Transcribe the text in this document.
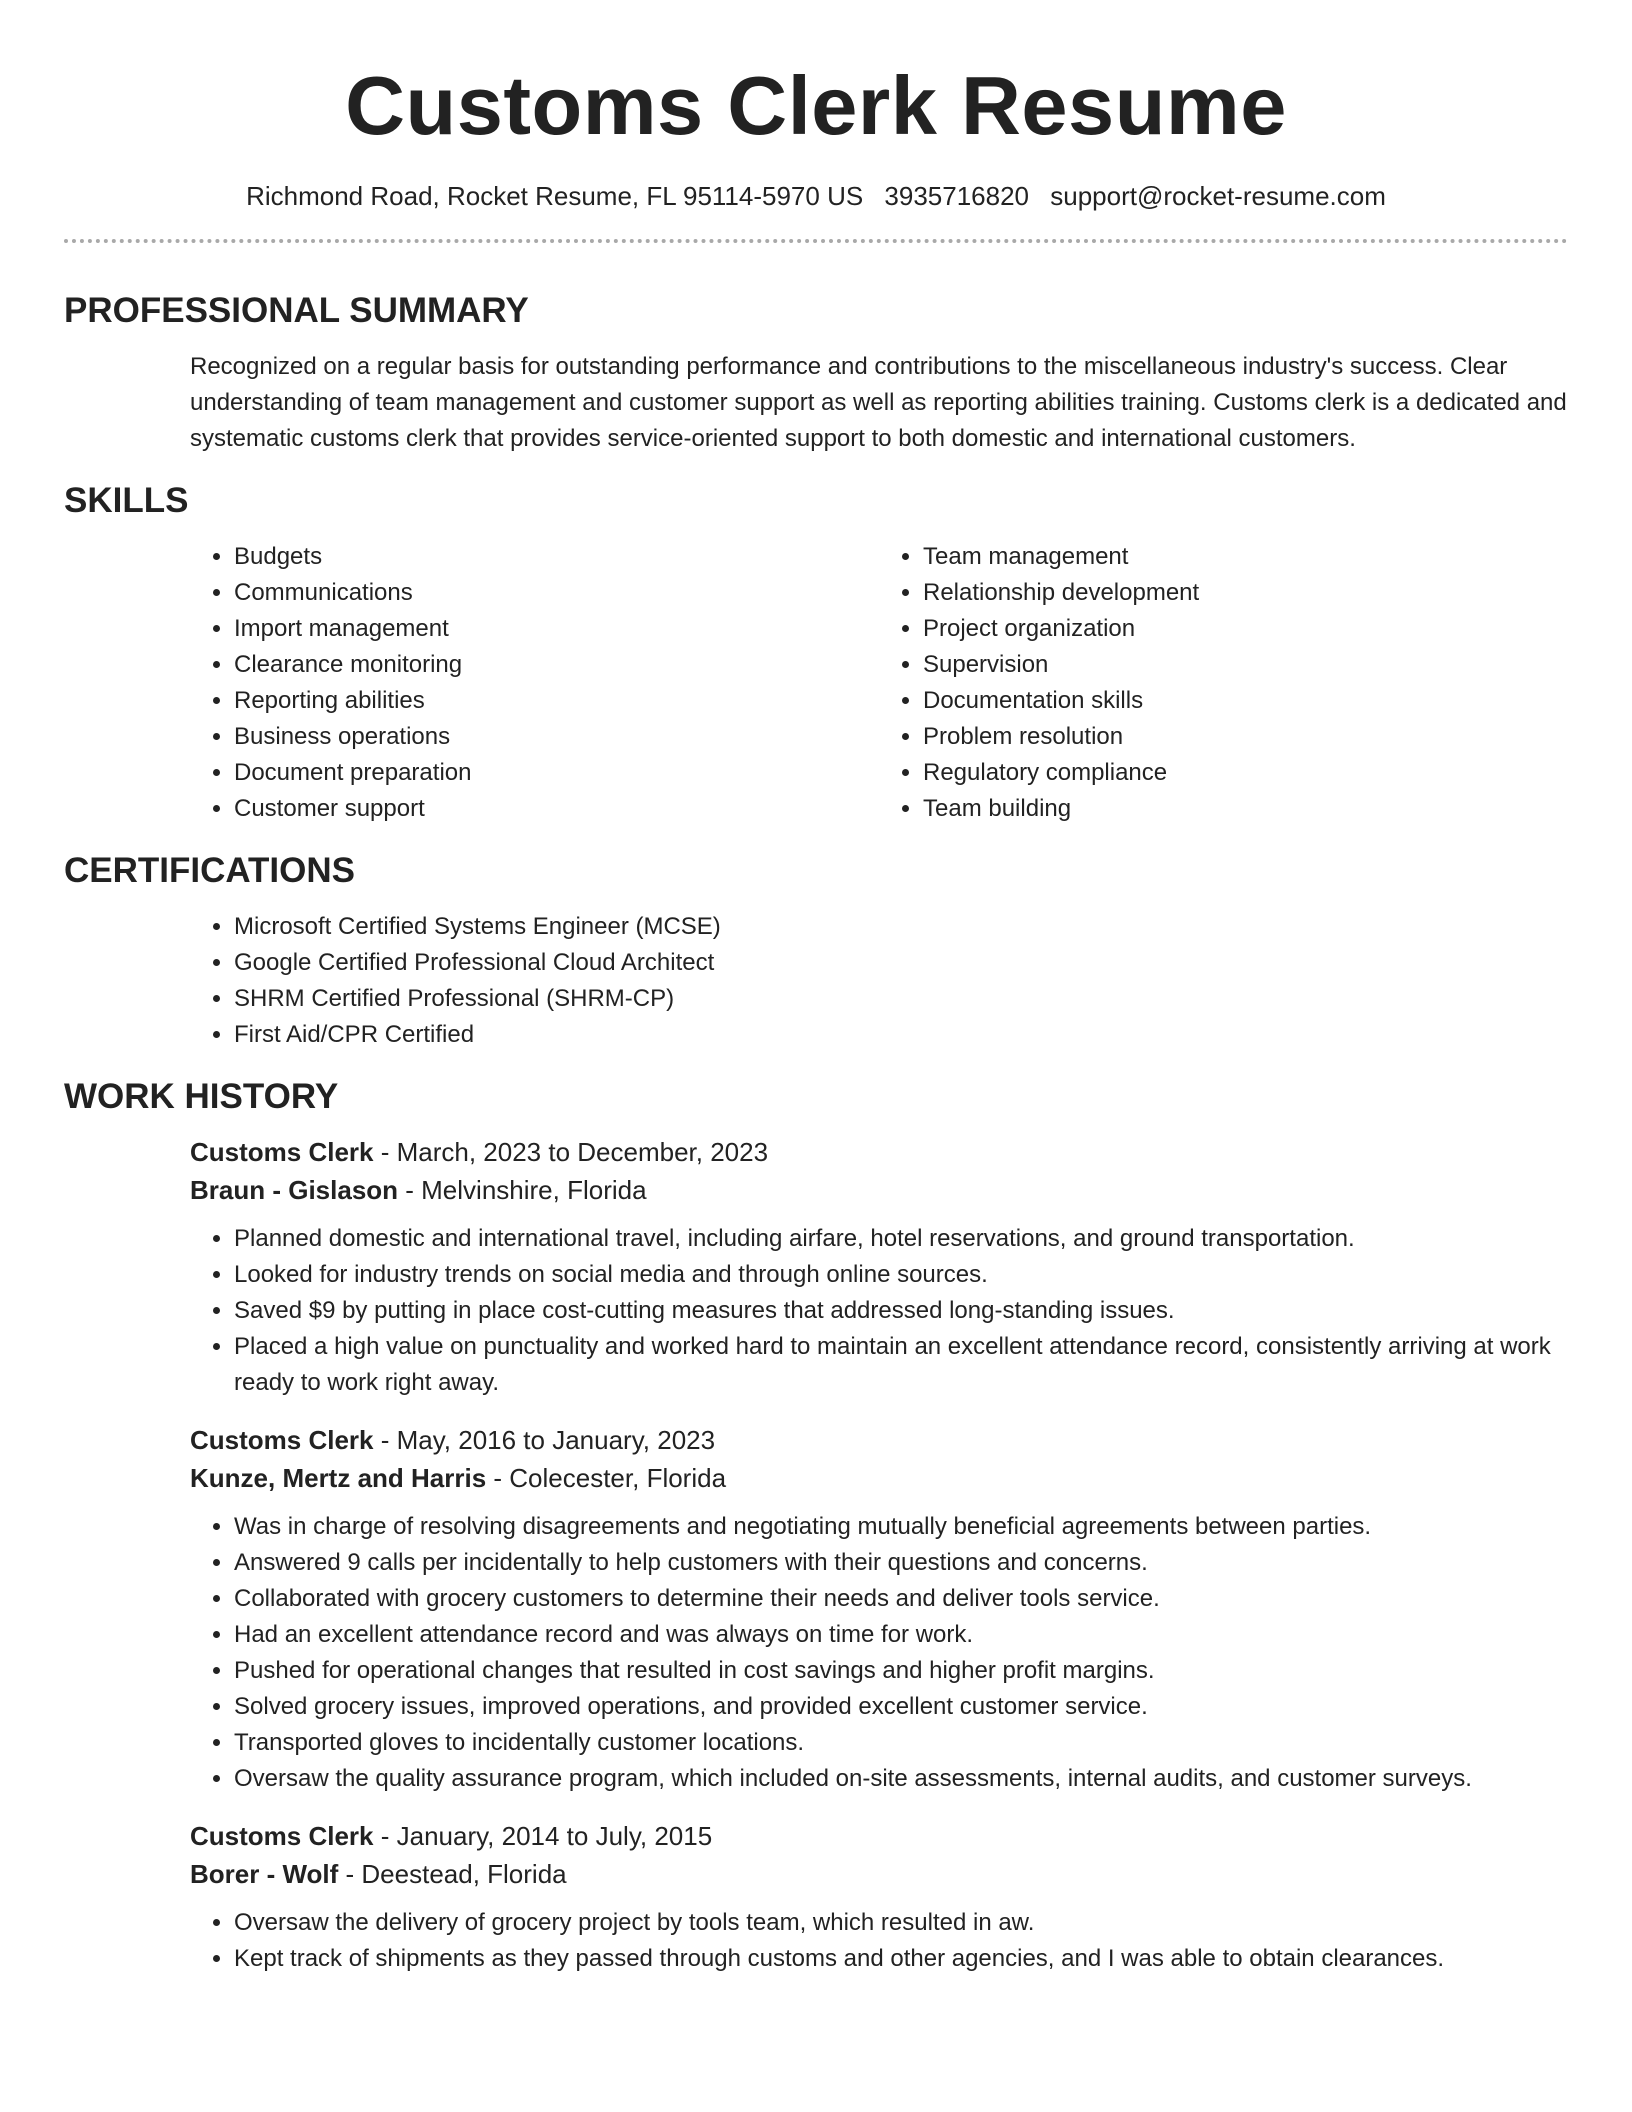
Customs Clerk Resume
Richmond Road, Rocket Resume, FL 95114-5970 US 3935716820 support@rocket-resume.com
PROFESSIONAL SUMMARY

Recognized on a regular basis for outstanding performance and contributions to the miscellaneous industry's success. Clear understanding of team management and customer support as well as reporting abilities training. Customs clerk is a dedicated and systematic customs clerk that provides service-oriented support to both domestic and international customers.

SKILLS
• Budgets
• Communications
• Import management
• Clearance monitoring
• Reporting abilities
• Business operations
• Document preparation
• Customer support
• Team management
• Relationship development
• Project organization
• Supervision
• Documentation skills
• Problem resolution
• Regulatory compliance
• Team building
CERTIFICATIONS
• Microsoft Certified Systems Engineer (MCSE)
• Google Certified Professional Cloud Architect
• SHRM Certified Professional (SHRM-CP)
• First Aid/CPR Certified
WORK HISTORY
Customs Clerk - March, 2023 to December, 2023
Braun - Gislason - Melvinshire, Florida
• Planned domestic and international travel, including airfare, hotel reservations, and ground transportation.
• Looked for industry trends on social media and through online sources.
• Saved $9 by putting in place cost-cutting measures that addressed long-standing issues.
• Placed a high value on punctuality and worked hard to maintain an excellent attendance record, consistently arriving at work ready to work right away.
Customs Clerk - May, 2016 to January, 2023
Kunze, Mertz and Harris - Colecester, Florida
• Was in charge of resolving disagreements and negotiating mutually beneficial agreements between parties.
• Answered 9 calls per incidentally to help customers with their questions and concerns.
• Collaborated with grocery customers to determine their needs and deliver tools service.
• Had an excellent attendance record and was always on time for work.
• Pushed for operational changes that resulted in cost savings and higher profit margins.
• Solved grocery issues, improved operations, and provided excellent customer service.
• Transported gloves to incidentally customer locations.
• Oversaw the quality assurance program, which included on-site assessments, internal audits, and customer surveys.
Customs Clerk - January, 2014 to July, 2015
Borer - Wolf - Deestead, Florida
• Oversaw the delivery of grocery project by tools team, which resulted in aw.
• Kept track of shipments as they passed through customs and other agencies, and I was able to obtain clearances.
